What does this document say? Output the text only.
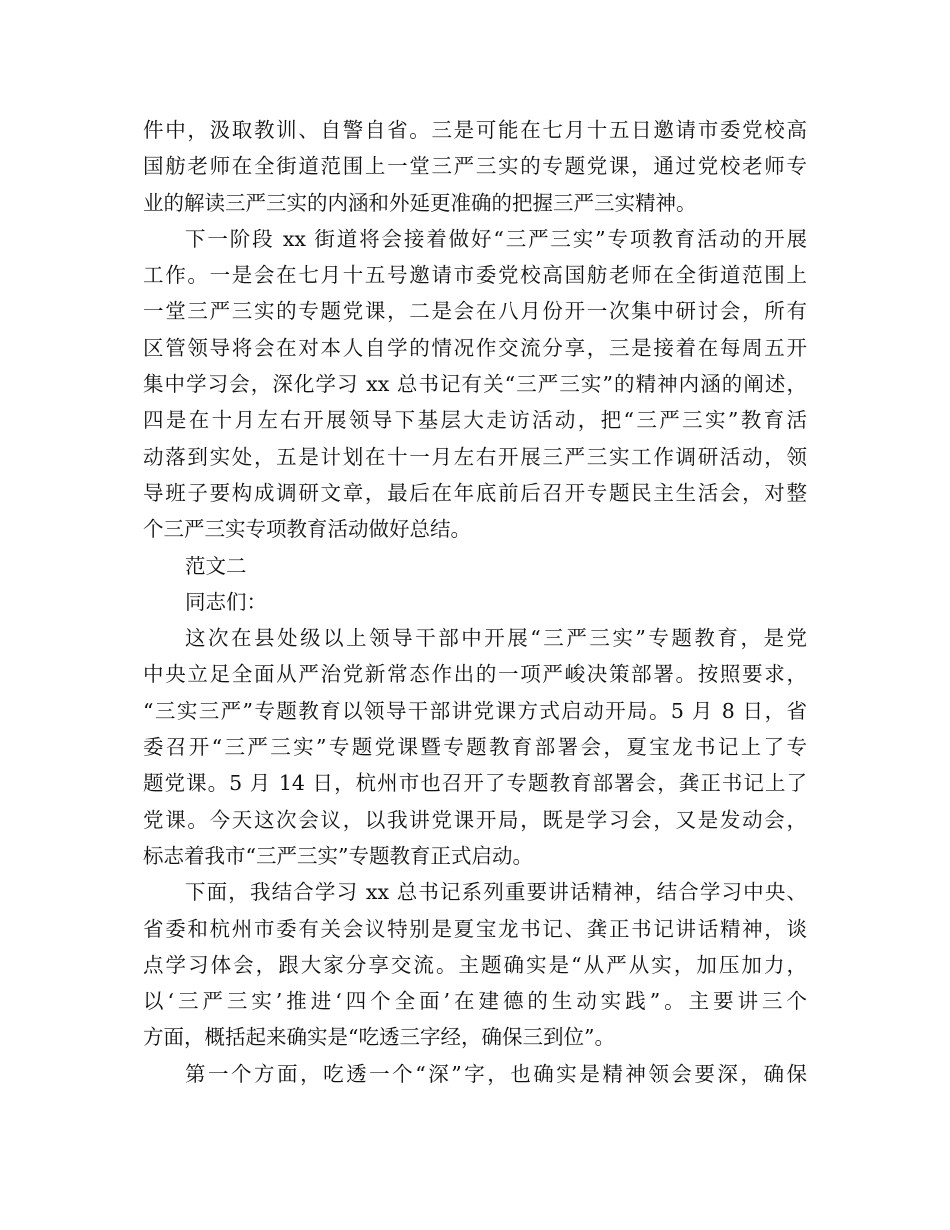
件中，汲取教训、自警自省。三是可能在七月十五日邀请市委党校高
国舫老师在全街道范围上一堂三严三实的专题党课，通过党校老师专
业的解读三严三实的内涵和外延更准确的把握三严三实精神。
下一阶段 xx 街道将会接着做好“三严三实”专项教育活动的开展
工作。一是会在七月十五号邀请市委党校高国舫老师在全街道范围上
一堂三严三实的专题党课，二是会在八月份开一次集中研讨会，所有
区管领导将会在对本人自学的情况作交流分享，三是接着在每周五开
集中学习会，深化学习 xx 总书记有关“三严三实”的精神内涵的阐述，
四是在十月左右开展领导下基层大走访活动，把“三严三实”教育活
动落到实处，五是计划在十一月左右开展三严三实工作调研活动，领
导班子要构成调研文章，最后在年底前后召开专题民主生活会，对整
个三严三实专项教育活动做好总结。
范文二
同志们：
这次在县处级以上领导干部中开展“三严三实”专题教育，是党
中央立足全面从严治党新常态作出的一项严峻决策部署。按照要求，
“三实三严”专题教育以领导干部讲党课方式启动开局。5 月 8 日，省
委召开“三严三实”专题党课暨专题教育部署会，夏宝龙书记上了专
题党课。5 月 14 日，杭州市也召开了专题教育部署会，龚正书记上了
党课。今天这次会议，以我讲党课开局，既是学习会，又是发动会，
标志着我市“三严三实”专题教育正式启动。
下面，我结合学习 xx 总书记系列重要讲话精神，结合学习中央、
省委和杭州市委有关会议特别是夏宝龙书记、龚正书记讲话精神，谈
点学习体会，跟大家分享交流。主题确实是“从严从实，加压加力，
以‘三严三实’推进‘四个全面’在建德的生动实践”。主要讲三个
方面，概括起来确实是“吃透三字经，确保三到位”。
第一个方面，吃透一个“深”字，也确实是精神领会要深，确保
